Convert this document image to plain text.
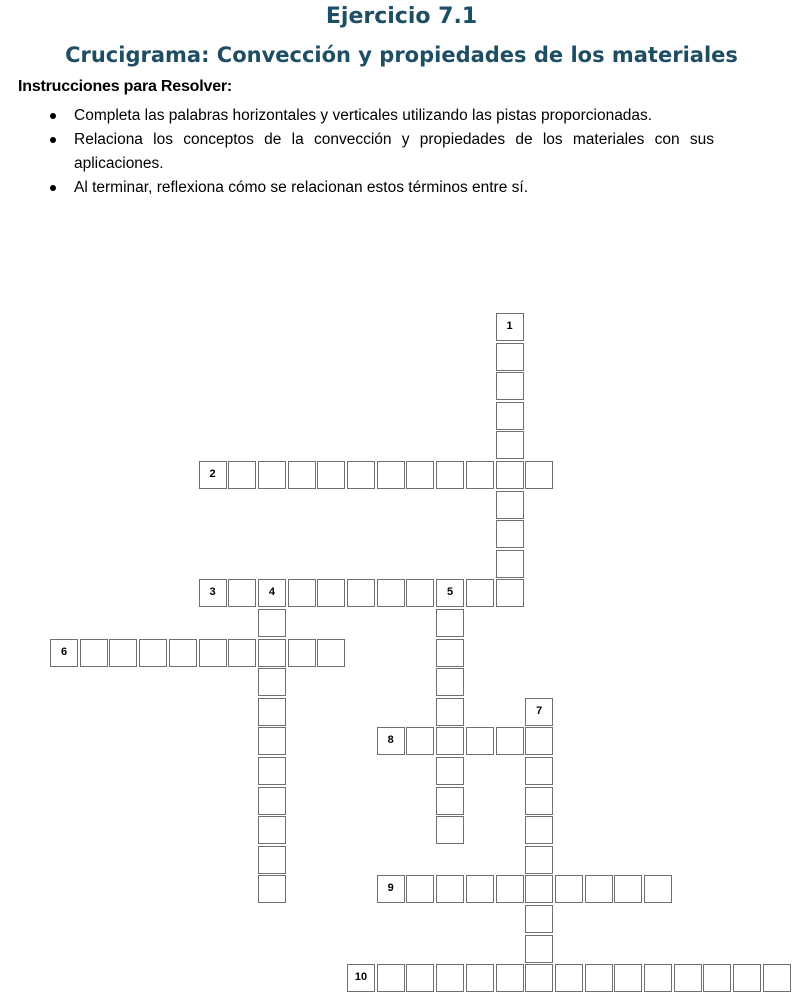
Ejercicio 7.1
Crucigrama: Convección y propiedades de los materiales
Instrucciones para Resolver:
Completa las palabras horizontales y verticales utilizando las pistas proporcionadas.
Relaciona los conceptos de la convección y propiedades de los materiales con sus aplicaciones.
Al terminar, reflexiona cómo se relacionan estos términos entre sí.
1
2
3	4	5
6
7
8
9
10
